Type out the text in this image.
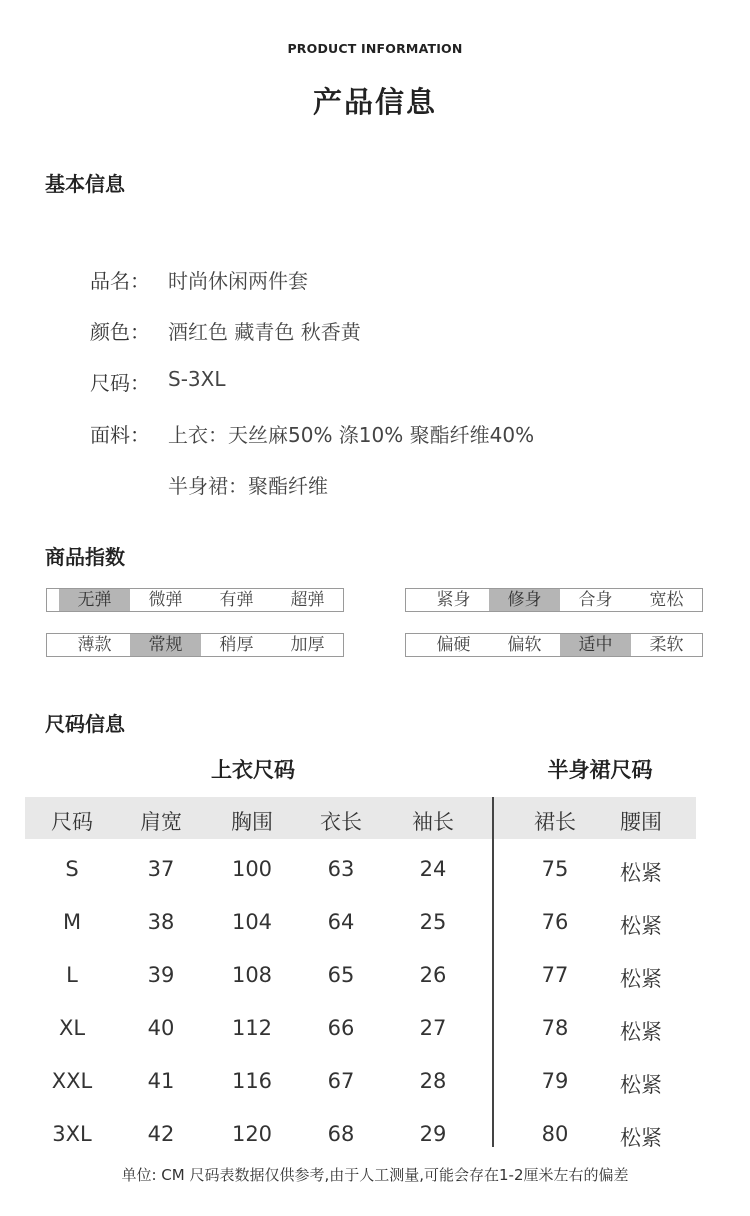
PRODUCT INFORMATION
产品信息
基本信息
品名： 时尚休闲两件套
颜色： 酒红色 藏青色 秋香黄
尺码： S-3XL
面料： 上衣：天丝麻50% 涤10% 聚酯纤维40%
半身裙：聚酯纤维
商品指数
无弹	微弹	有弹	超弹	紧身	修身	合身	宽松
薄款	常规	稍厚	加厚	偏硬	偏软	适中	柔软
尺码信息
上衣尺码	半身裙尺码
尺码	肩宽	胸围	衣长	袖长	裙长	腰围
S	37	100	63	24	75	松紧
M	38	104	64	25	76	松紧
L	39	108	65	26	77	松紧
XL	40	112	66	27	78	松紧
XXL	41	116	67	28	79	松紧
3XL	42	120	68	29	80	松紧
单位: CM 尺码表数据仅供参考,由于人工测量,可能会存在1-2厘米左右的偏差
